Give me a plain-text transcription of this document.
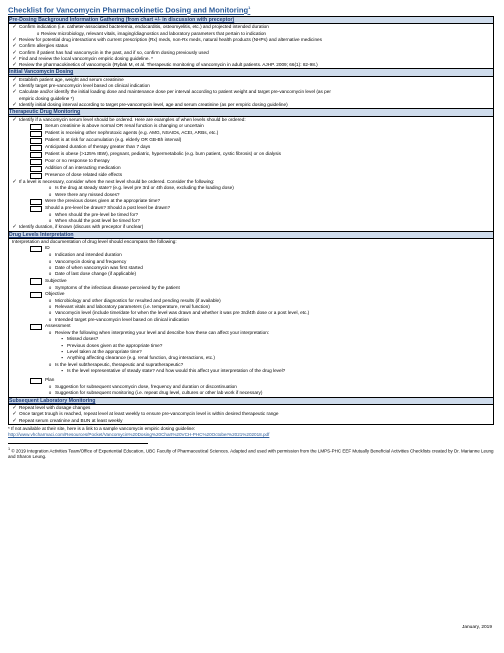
Checklist for Vancomycin Pharmacokinetic Dosing and Monitoring$^1$
Pre-Dosing Background Information Gathering (from chart +/- in discussion with preceptor)

✓ Confirm indication (i.e. catheter-associated bacteremia, endocarditis, osteomyelitis, etc.) and projected intended duration
o Review microbiology, relevant vitals, imaging/diagnostics and laboratory parameters that pertain to indication
✓ Review for potential drug interactions with current prescription (Rx) meds, non-Rx meds, natural health products (NHPs) and alternative medicines
✓ Confirm allergies status
✓ Confirm if patient has had vancomycin in the past, and if so, confirm dosing previously used
✓ Find and review the local vancomycin empiric dosing guideline. *
✓ Review the pharmacokinetics of vancomycin (Rybak M, et al. Therapeutic monitoring of vancomycin in adult patients. AJHP. 2009; 66(1): 82-98.)

Initial Vancomycin Dosing

✓ Establish patient age, weight and serum creatinine
✓ Identify target pre-vancomycin level based on clinical indication
✓ Calculate and/or identify the initial loading dose and maintenance dose per interval according to patient weight and target pre-vancomycin level (as per
empiric dosing guideline *)
✓ Identify initial dosing interval according to target pre-vancomycin level, age and serum creatinine (as per empiric dosing guideline)

Therapeutic Drug Monitoring

✓ Identify if a vancomycin serum level should be ordered. Here are examples of when levels should be ordered:
Serum creatinine is above normal OR renal function is changing or uncertain
Patient is receiving other nephrotoxic agents (e.g. AMG, NSAIDs, ACEI, ARBs, etc.)
Patient is at risk for accumulation (e.g. elderly OR GB-Bh interval)
Anticipated duration of therapy greater than 7 days
Patient is obese (>125% IBW), pregnant, pediatric, hypermetabolic (e.g. burn patient, cystic fibrosis) or on dialysis
Poor or no response to therapy
Addition of an interacting medication
Presence of dose related side effects
✓ If a level is necessary, consider when the next level should be ordered. Consider the following:
o Is the drug at steady state? (e.g. level pre 3rd or 4th dose, excluding the loading dose)
o Were there any missed doses?
Were the previous doses given at the appropriate time?
Should a pre-level be drawn? Should a post level be drawn?
o When should the pre-level be timed for?
o When should the post level be timed for?
✓ Identify duration, if known (discuss with preceptor if unclear)

Drug Levels Interpretation

Interpretation and documentation of drug level should encompass the following:
ID
o Indication and intended duration
o Vancomycin dosing and frequency
o Date of when vancomycin was first started
o Date of last dose change (if applicable)
Subjective
o Symptoms of the infectious disease perceived by the patient
Objective
o Microbiology and other diagnostics for resulted and pending results (if available)
o Relevant vitals and laboratory parameters (i.e. temperature, renal function)
o Vancomycin level (include time/date for when the level was drawn and whether it was pre 3rd/4th dose or a post level, etc.)
o Intended target pre-vancomycin level based on clinical indication
Assessment
o Review the following when interpreting your level and describe how these can affect your interpretation:
▪ Missed doses?
▪ Previous doses given at the appropriate time?
▪ Level taken at the appropriate time?
▪ Anything affecting clearance (e.g. renal function, drug interactions, etc.)
o Is the level subtherapeutic, therapeutic and supratherapeutic?
▪ Is the level representative of steady state? And how would this affect your interpretation of the drug level?
Plan
o Suggestion for subsequent vancomycin dose, frequency and duration or discontinuation
o Suggestion for subsequent monitoring (i.e. repeat drug level, cultures or other lab work if necessary)

Subsequent Laboratory Monitoring

✓ Repeat level with dosage changes
✓ Once target trough is reached, repeat level at least weekly to ensure pre-vancomycin level is within desired therapeutic range
✓ Repeat serum creatinine and BUN at least weekly
* If not available at their site, here is a link to a sample vancomycin empiric dosing guideline:
http://www.vhcharmaci.com/Resources/Pocket/Vancomycin%20Dosing%20Chart%20VCH-PHC%20October%2021%202018.pdf
$^1$ © 2019 Integration Activities Team/Office of Experiential Education, UBC Faculty of Pharmaceutical Sciences. Adapted and used with permission from the LMPS-PHC EEF Mutually Beneficial Activities Checklists created by Dr. Marianne Leung and Sharon Leung.
January, 2019
